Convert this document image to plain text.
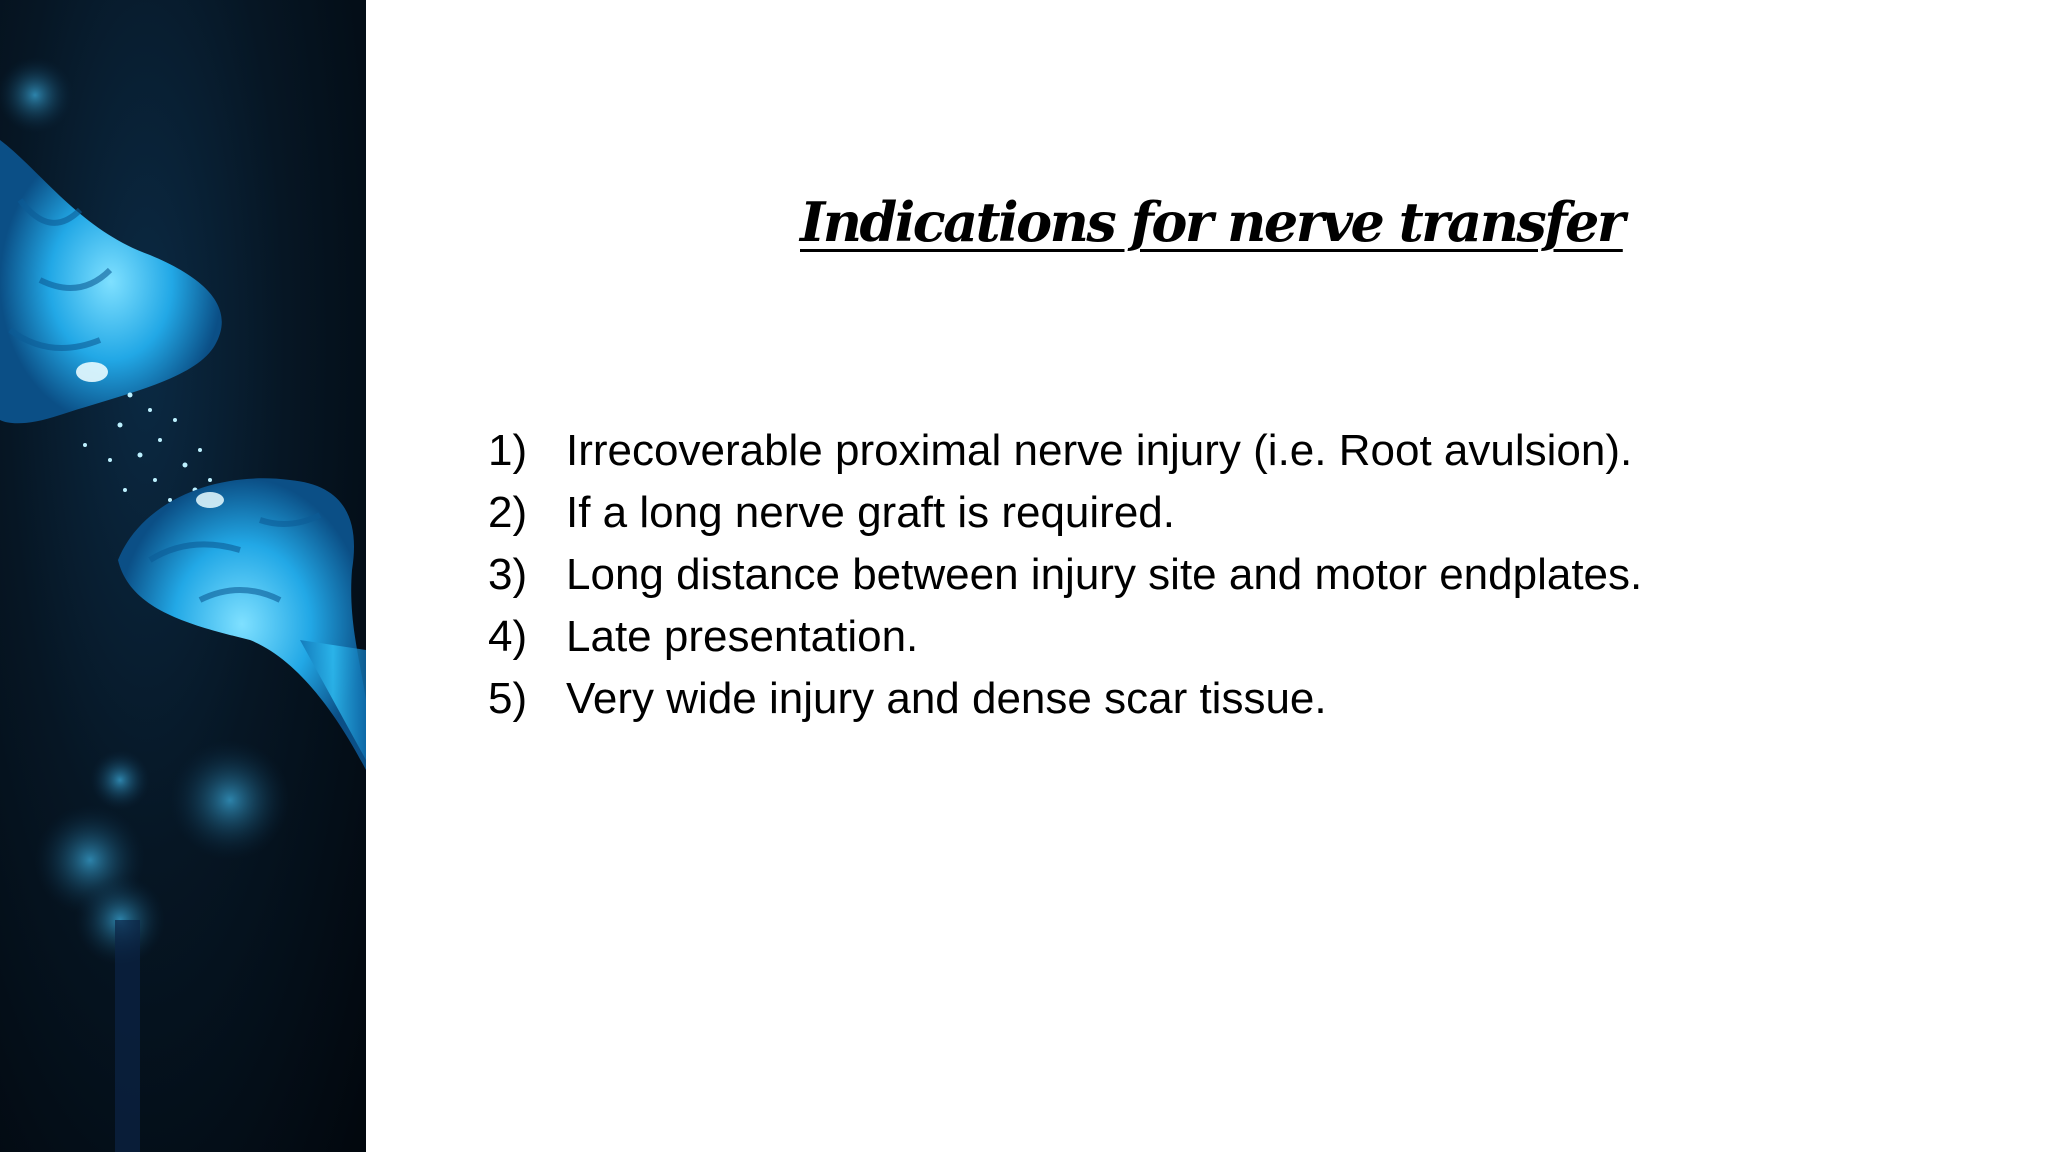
Indications for nerve transfer
1) Irrecoverable proximal nerve injury (i.e. Root avulsion).
2) If a long nerve graft is required.
3) Long distance between injury site and motor endplates.
4) Late presentation.
5) Very wide injury and dense scar tissue.
